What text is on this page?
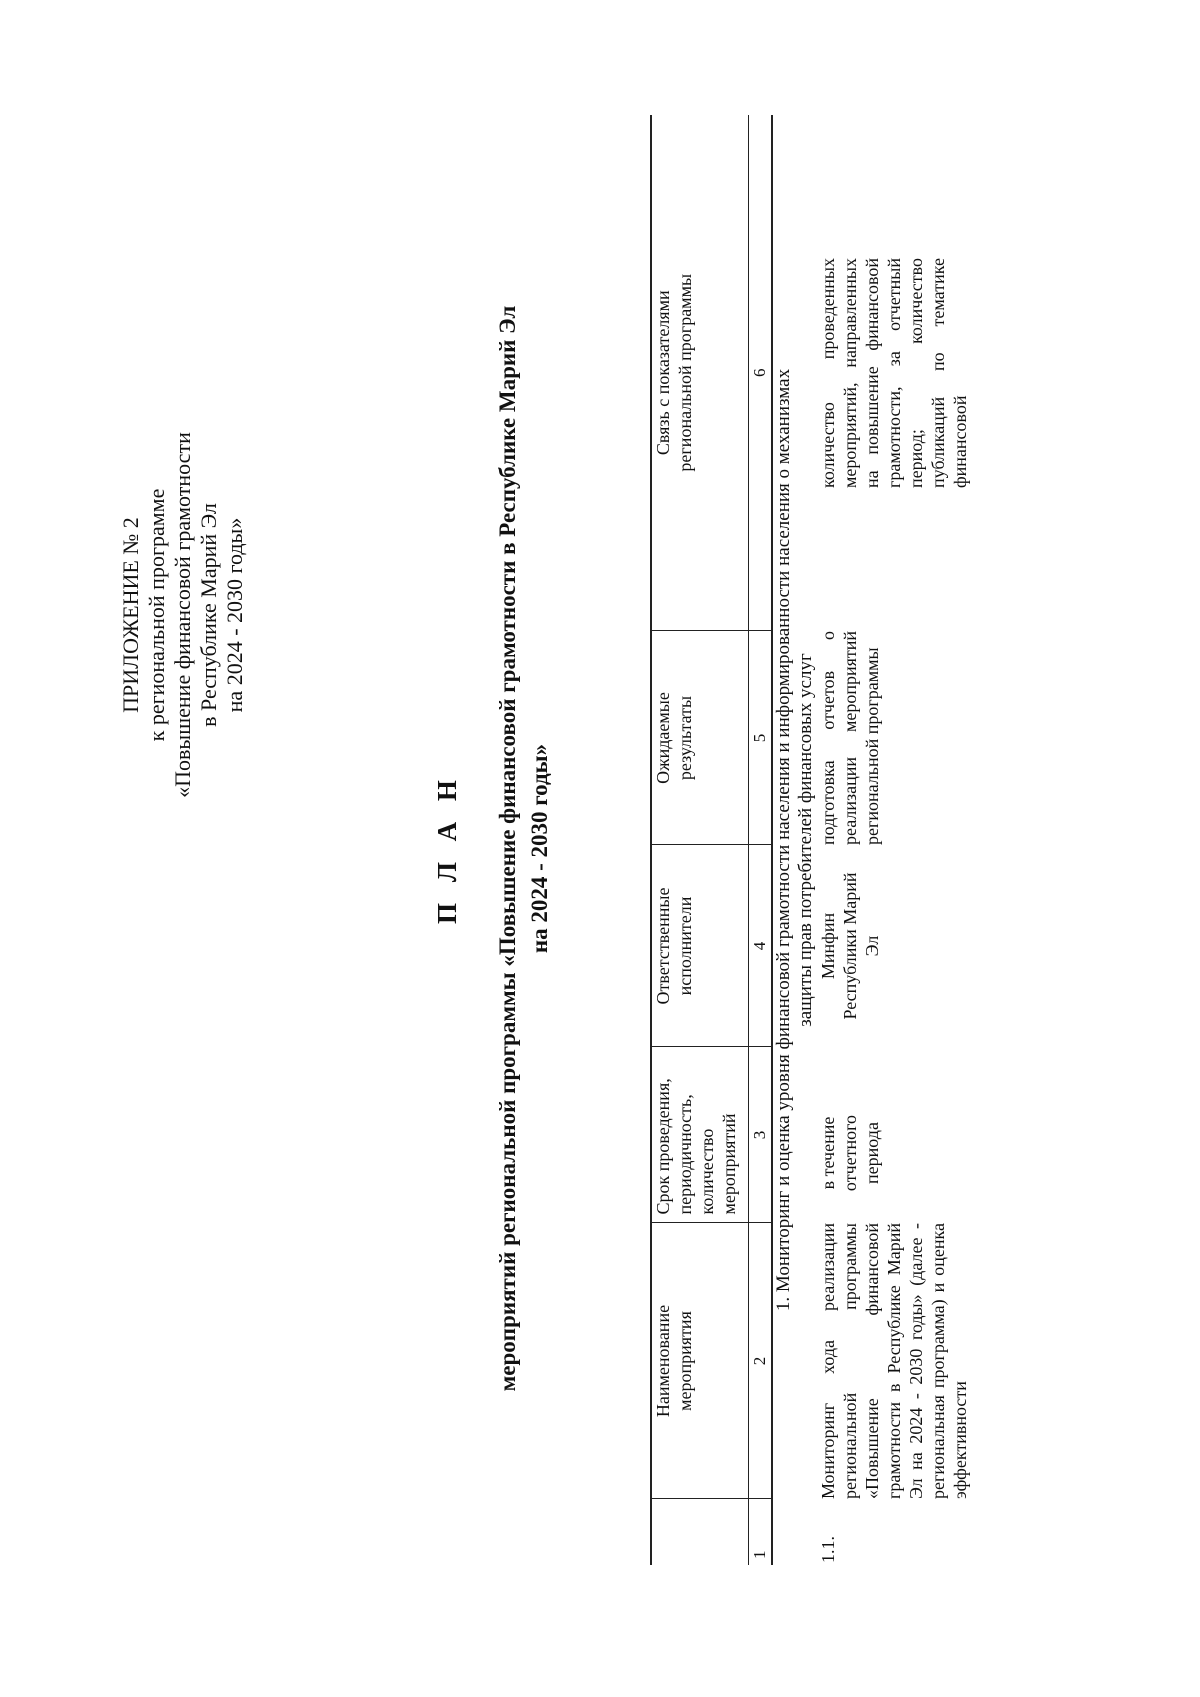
ПРИЛОЖЕНИЕ № 2 к региональной программе «Повышение финансовой грамотности в Республике Марий Эл на 2024 - 2030 годы»
П Л А Н мероприятий региональной программы «Повышение финансовой грамотности в Республике Марий Эл на 2024 - 2030 годы»

	Наименование мероприятия	Срок проведения, периодичность, количество мероприятий	Ответственные исполнители	Ожидаемые результаты	Связь с показателями региональной программы

1	2	3	4	5	6

1. Мониторинг и оценка уровня финансовой грамотности населения и информированности населения о механизмах защиты прав потребителей финансовых услуг					

1.1.	Мониторинг хода реализации региональной программы «Повышение финансовой грамотности в Республике Марий Эл на 2024 - 2030 годы» (далее - региональная программа) и оценка эффективности	в течение отчетного периода	Минфин Республики Марий Эл	подготовка отчетов о реализации мероприятий региональной программы	количество проведенных мероприятий, направленных на повышение финансовой грамотности, за отчетный период; количество публикаций по тематике финансовой
